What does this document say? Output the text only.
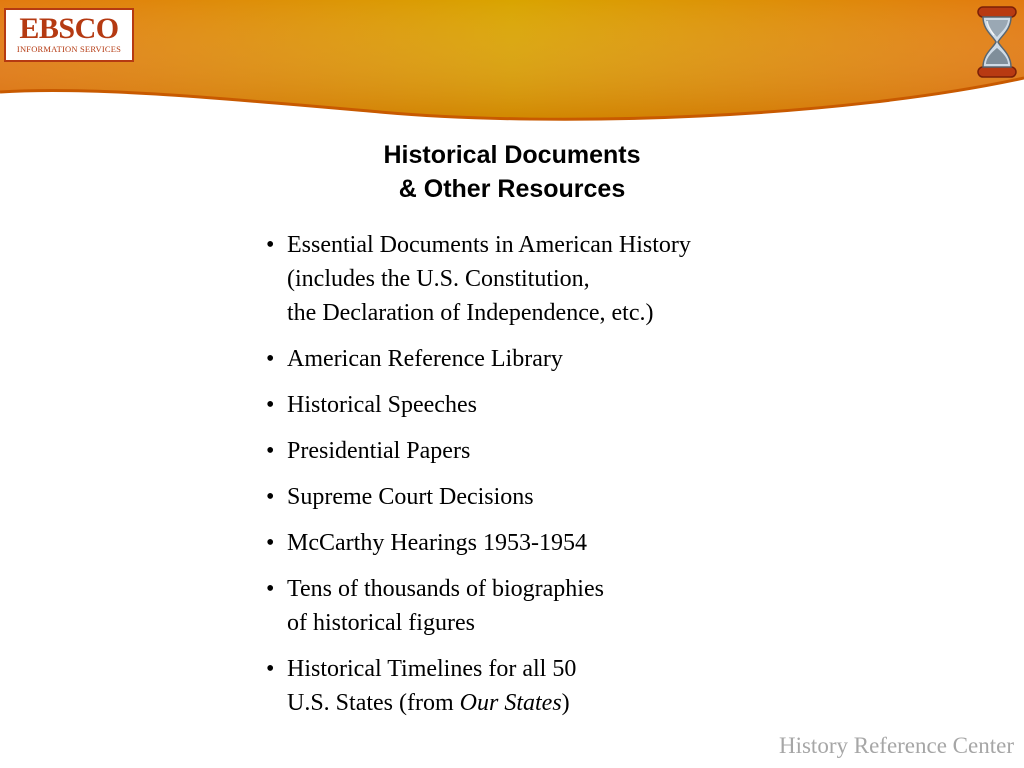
EBSCO
INFORMATION SERVICES
Historical Documents
& Other Resources
• Essential Documents in American History
(includes the U.S. Constitution,
the Declaration of Independence, etc.)
• American Reference Library
• Historical Speeches
• Presidential Papers
• Supreme Court Decisions
• McCarthy Hearings 1953-1954
• Tens of thousands of biographies
of historical figures
• Historical Timelines for all 50
U.S. States (from Our States)
History Reference Center
